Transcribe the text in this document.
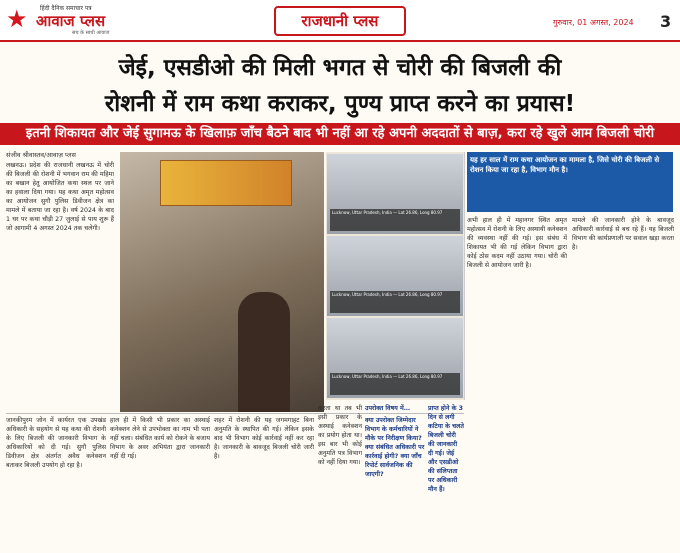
★ हिंदी दैनिक समाचार पत्र
आवाज प्लस
सच के साथी आवाज
राजधानी प्लस	गुरुवार, 01 अगस्त, 2024 3
जेई, एसडीओ की मिली भगत से चोरी की बिजली की
रोशनी में राम कथा कराकर, पुण्य प्राप्त करने का प्रयास!
इतनी शिकायत और जेई सुगामऊ के खिलाफ़ जाँच बैठने बाद भी नहीं आ रहे अपनी अददातों से बाज़, करा रहे खुले आम बिजली चोरी
संजीव श्रीवास्तव/आवाज़ प्लस
लखनऊ। प्रदेश की राजधानी लखनऊ में चोरी की बिजली की रोशनी में भगवान राम की महिमा का बखान हेतु आयोजित कथा स्थल पर जाने का हवाला दिया गया। यह कथा अमृत महोत्सव का आयोजन सुगौ पुलिस डिवीजन क्षेत्र का मामले में बताया जा रहा है। वर्ष 2024 के बाद 1 घर पर कथा चौड़ी 27 जुलाई से पाय शुरू हैं जो आगामी 4 अगस्त 2024 तक चलेगी।
Lucknow, Uttar Pradesh, India — Lat 26.86, Long 80.97
Lucknow, Uttar Pradesh, India — Lat 26.86, Long 80.97
Lucknow, Uttar Pradesh, India — Lat 26.86, Long 80.97
यह हर साल में राम कथा आयोजन का मामला है, जिसे चोरी की बिजली से रोशन किया जा रहा है, विभाग मौन है।
अभी हाल ही में महानगर स्थित अमृत महोत्सव में रोशनी के लिए अस्थायी कनेक्शन की व्यवस्था नहीं की गई। इस संबंध में शिकायत भी की गई लेकिन विभाग द्वारा कोई ठोस कदम नहीं उठाया गया। चोरी की बिजली से आयोजन जारी है।
मामले की जानकारी होने के बावजूद अधिकारी कार्रवाई से बच रहे हैं। यह बिजली विभाग की कार्यप्रणाली पर सवाल खड़ा करता है।
जानकीपुरम जोन में कार्यरत एक उपखंड अधिकारी के सहयोग से यह कथा की रोशनी के लिए बिजली की जानकारी विभाग के अधिकारियों को दी गई। सुगौ पुलिस डिवीजन क्षेत्र अंतर्गत अवैध कनेक्शन बताकर बिजली उपयोग हो रहा है।
हाल ही में किसी भी प्रकार का अस्थाई कनेक्शन लेने से उपभोक्ता का नाम भी पता नहीं चला। संबंधित कार्य को रोकने के बजाय विभाग के अवर अभियंता द्वारा जानकारी नहीं दी गई।
शहर में रोशनी की यह जगमगाहट बिना अनुमति के स्थापित की गई। लेकिन इसके बाद भी विभाग कोई कार्रवाई नहीं कर रहा है। जानकारी के बावजूद बिजली चोरी जारी है।
करता था तब भी इसी प्रकार के अस्थाई कनेक्शन का प्रयोग होता था। इस बार भी कोई अनुमति पत्र विभाग को नहीं दिया गया।
उपरोक्त विषय में…
क्या उपरोक्त जिम्मेदार विभाग के कर्मचारियों ने मौके पर निरीक्षण किया? क्या संबंधित अधिकारी पर कार्रवाई होगी? क्या जाँच रिपोर्ट सार्वजनिक की जाएगी?
प्राप्त होने के 3 दिन से लगी कटिया के चलते बिजली चोरी की जानकारी दी गई। जेई और एसडीओ की संलिप्तता पर अधिकारी मौन हैं।
